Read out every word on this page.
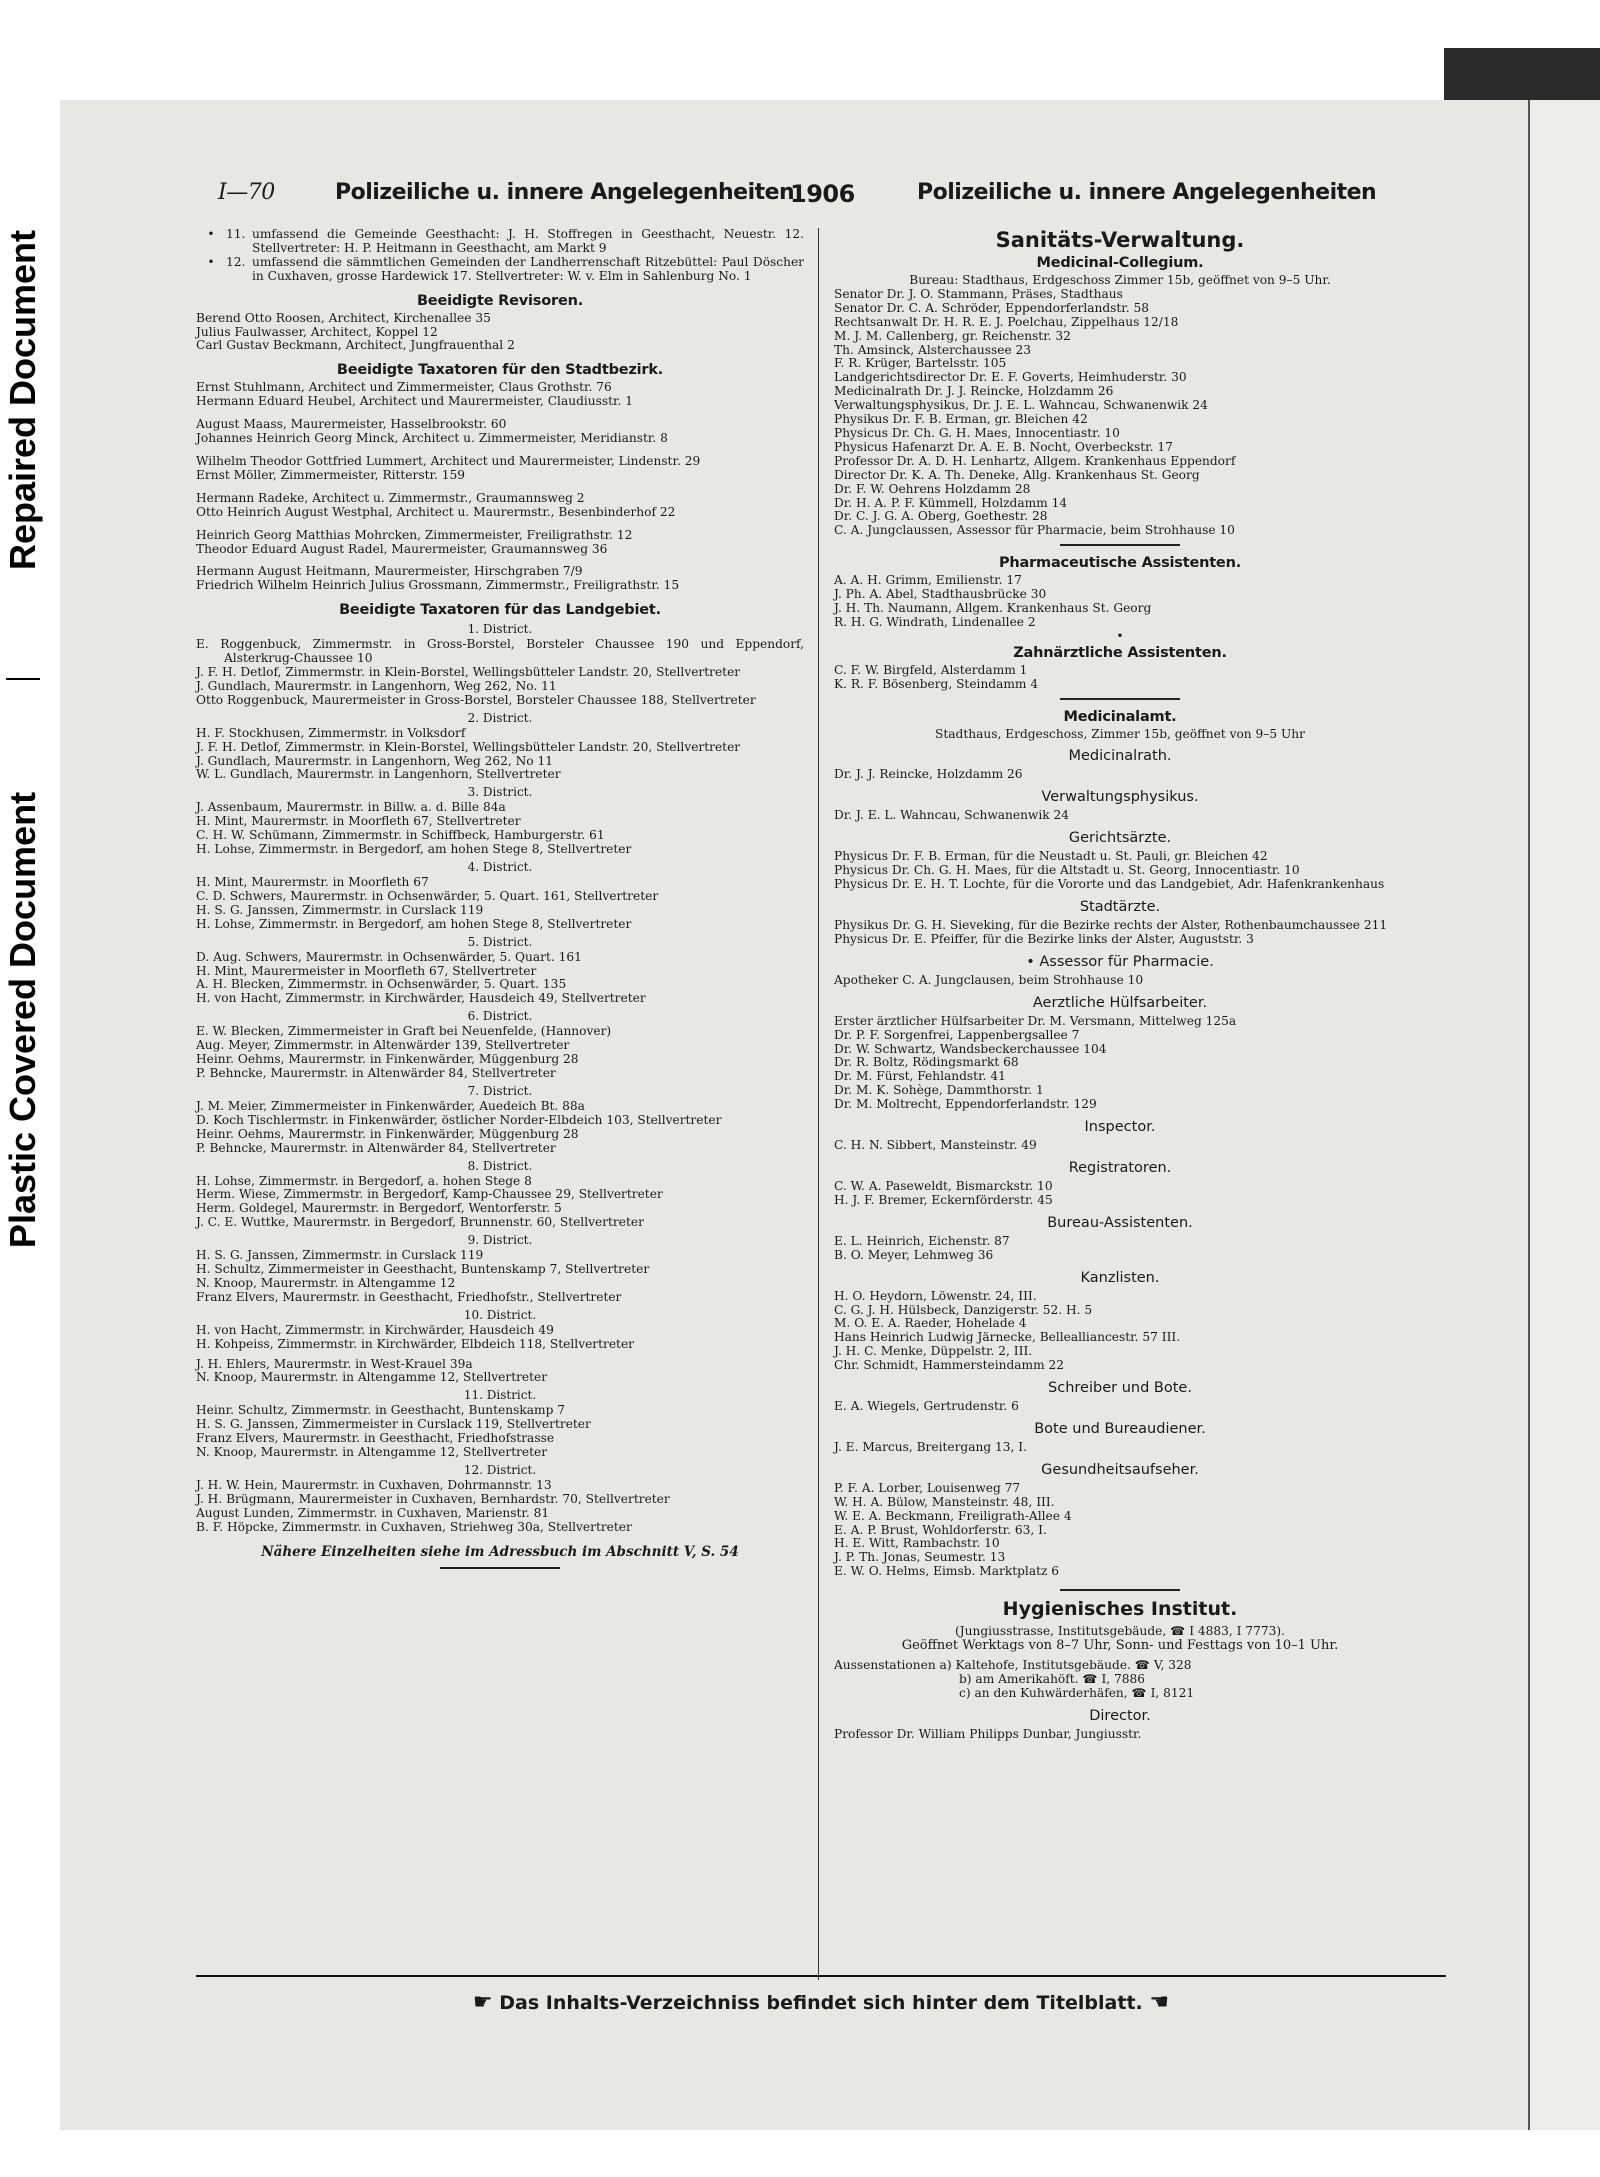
Repaired Document
Plastic Covered Document
I—70	Polizeiliche u. innere Angelegenheiten
1906	Polizeiliche u. innere Angelegenheiten
• 11. umfassend die Gemeinde Geesthacht: J. H. Stoffregen in Geesthacht, Neuestr. 12. Stellvertreter: H. P. Heitmann in Geesthacht, am Markt 9
• 12. umfassend die sämmtlichen Gemeinden der Landherrenschaft Ritzebüttel: Paul Döscher in Cuxhaven, grosse Hardewick 17. Stellvertreter: W. v. Elm in Sahlenburg No. 1
Beeidigte Revisoren.
Berend Otto Roosen, Architect, Kirchenallee 35
Julius Faulwasser, Architect, Koppel 12
Carl Gustav Beckmann, Architect, Jungfrauenthal 2
Beeidigte Taxatoren für den Stadtbezirk.
Ernst Stuhlmann, Architect und Zimmermeister, Claus Grothstr. 76
Hermann Eduard Heubel, Architect und Maurermeister, Claudiusstr. 1
August Maass, Maurermeister, Hasselbrookstr. 60
Johannes Heinrich Georg Minck, Architect u. Zimmermeister, Meridianstr. 8
Wilhelm Theodor Gottfried Lummert, Architect und Maurermeister, Lindenstr. 29
Ernst Möller, Zimmermeister, Ritterstr. 159
Hermann Radeke, Architect u. Zimmermstr., Graumannsweg 2
Otto Heinrich August Westphal, Architect u. Maurermstr., Besenbinderhof 22
Heinrich Georg Matthias Mohrcken, Zimmermeister, Freiligrathstr. 12
Theodor Eduard August Radel, Maurermeister, Graumannsweg 36
Hermann August Heitmann, Maurermeister, Hirschgraben 7/9
Friedrich Wilhelm Heinrich Julius Grossmann, Zimmermstr., Freiligrathstr. 15
Beeidigte Taxatoren für das Landgebiet.
1. District.
E. Roggenbuck, Zimmermstr. in Gross-Borstel, Borsteler Chaussee 190 und Eppendorf, Alsterkrug-Chaussee 10
J. F. H. Detlof, Zimmermstr. in Klein-Borstel, Wellingsbütteler Landstr. 20, Stellvertreter
J. Gundlach, Maurermstr. in Langenhorn, Weg 262, No. 11
Otto Roggenbuck, Maurermeister in Gross-Borstel, Borsteler Chaussee 188, Stellvertreter
2. District.
H. F. Stockhusen, Zimmermstr. in Volksdorf
J. F. H. Detlof, Zimmermstr. in Klein-Borstel, Wellingsbütteler Landstr. 20, Stellvertreter
J. Gundlach, Maurermstr. in Langenhorn, Weg 262, No 11
W. L. Gundlach, Maurermstr. in Langenhorn, Stellvertreter
3. District.
J. Assenbaum, Maurermstr. in Billw. a. d. Bille 84a
H. Mint, Maurermstr. in Moorfleth 67, Stellvertreter
C. H. W. Schümann, Zimmermstr. in Schiffbeck, Hamburgerstr. 61
H. Lohse, Zimmermstr. in Bergedorf, am hohen Stege 8, Stellvertreter
4. District.
H. Mint, Maurermstr. in Moorfleth 67
C. D. Schwers, Maurermstr. in Ochsenwärder, 5. Quart. 161, Stellvertreter
H. S. G. Janssen, Zimmermstr. in Curslack 119
H. Lohse, Zimmermstr. in Bergedorf, am hohen Stege 8, Stellvertreter
5. District.
D. Aug. Schwers, Maurermstr. in Ochsenwärder, 5. Quart. 161
H. Mint, Maurermeister in Moorfleth 67, Stellvertreter
A. H. Blecken, Zimmermstr. in Ochsenwärder, 5. Quart. 135
H. von Hacht, Zimmermstr. in Kirchwärder, Hausdeich 49, Stellvertreter
6. District.
E. W. Blecken, Zimmermeister in Graft bei Neuenfelde, (Hannover)
Aug. Meyer, Zimmermstr. in Altenwärder 139, Stellvertreter
Heinr. Oehms, Maurermstr. in Finkenwärder, Müggenburg 28
P. Behncke, Maurermstr. in Altenwärder 84, Stellvertreter
7. District.
J. M. Meier, Zimmermeister in Finkenwärder, Auedeich Bt. 88a
D. Koch Tischlermstr. in Finkenwärder, östlicher Norder-Elbdeich 103, Stellvertreter
Heinr. Oehms, Maurermstr. in Finkenwärder, Müggenburg 28
P. Behncke, Maurermstr. in Altenwärder 84, Stellvertreter
8. District.
H. Lohse, Zimmermstr. in Bergedorf, a. hohen Stege 8
Herm. Wiese, Zimmermstr. in Bergedorf, Kamp-Chaussee 29, Stellvertreter
Herm. Goldegel, Maurermstr. in Bergedorf, Wentorferstr. 5
J. C. E. Wuttke, Maurermstr. in Bergedorf, Brunnenstr. 60, Stellvertreter
9. District.
H. S. G. Janssen, Zimmermstr. in Curslack 119
H. Schultz, Zimmermeister in Geesthacht, Buntenskamp 7, Stellvertreter
N. Knoop, Maurermstr. in Altengamme 12
Franz Elvers, Maurermstr. in Geesthacht, Friedhofstr., Stellvertreter
10. District.
H. von Hacht, Zimmermstr. in Kirchwärder, Hausdeich 49
H. Kohpeiss, Zimmermstr. in Kirchwärder, Elbdeich 118, Stellvertreter
J. H. Ehlers, Maurermstr. in West-Krauel 39a
N. Knoop, Maurermstr. in Altengamme 12, Stellvertreter
11. District.
Heinr. Schultz, Zimmermstr. in Geesthacht, Buntenskamp 7
H. S. G. Janssen, Zimmermeister in Curslack 119, Stellvertreter
Franz Elvers, Maurermstr. in Geesthacht, Friedhofstrasse
N. Knoop, Maurermstr. in Altengamme 12, Stellvertreter
12. District.
J. H. W. Hein, Maurermstr. in Cuxhaven, Dohrmannstr. 13
J. H. Brügmann, Maurermeister in Cuxhaven, Bernhardstr. 70, Stellvertreter
August Lunden, Zimmermstr. in Cuxhaven, Marienstr. 81
B. F. Höpcke, Zimmermstr. in Cuxhaven, Striehweg 30a, Stellvertreter
Nähere Einzelheiten siehe im Adressbuch im Abschnitt V, S. 54
Sanitäts-Verwaltung.
Medicinal-Collegium.
Bureau: Stadthaus, Erdgeschoss Zimmer 15b, geöffnet von 9–5 Uhr.
Senator Dr. J. O. Stammann, Präses, Stadthaus
Senator Dr. C. A. Schröder, Eppendorferlandstr. 58
Rechtsanwalt Dr. H. R. E. J. Poelchau, Zippelhaus 12/18
M. J. M. Callenberg, gr. Reichenstr. 32
Th. Amsinck, Alsterchaussee 23
F. R. Krüger, Bartelsstr. 105
Landgerichtsdirector Dr. E. F. Goverts, Heimhuderstr. 30
Medicinalrath Dr. J. J. Reincke, Holzdamm 26
Verwaltungsphysikus, Dr. J. E. L. Wahncau, Schwanenwik 24
Physikus Dr. F. B. Erman, gr. Bleichen 42
Physicus Dr. Ch. G. H. Maes, Innocentiastr. 10
Physicus Hafenarzt Dr. A. E. B. Nocht, Overbeckstr. 17
Professor Dr. A. D. H. Lenhartz, Allgem. Krankenhaus Eppendorf
Director Dr. K. A. Th. Deneke, Allg. Krankenhaus St. Georg
Dr. F. W. Oehrens Holzdamm 28
Dr. H. A. P. F. Kümmell, Holzdamm 14
Dr. C. J. G. A. Oberg, Goethestr. 28
C. A. Jungclaussen, Assessor für Pharmacie, beim Strohhause 10
Pharmaceutische Assistenten.
A. A. H. Grimm, Emilienstr. 17
J. Ph. A. Abel, Stadthausbrücke 30
J. H. Th. Naumann, Allgem. Krankenhaus St. Georg
R. H. G. Windrath, Lindenallee 2
•
Zahnärztliche Assistenten.
C. F. W. Birgfeld, Alsterdamm 1
K. R. F. Bösenberg, Steindamm 4
Medicinalamt.
Stadthaus, Erdgeschoss, Zimmer 15b, geöffnet von 9–5 Uhr
Medicinalrath.
Dr. J. J. Reincke, Holzdamm 26
Verwaltungsphysikus.
Dr. J. E. L. Wahncau, Schwanenwik 24
Gerichtsärzte.
Physicus Dr. F. B. Erman, für die Neustadt u. St. Pauli, gr. Bleichen 42
Physicus Dr. Ch. G. H. Maes, für die Altstadt u. St. Georg, Innocentiastr. 10
Physicus Dr. E. H. T. Lochte, für die Vororte und das Landgebiet, Adr. Hafenkrankenhaus
Stadtärzte.
Physikus Dr. G. H. Sieveking, für die Bezirke rechts der Alster, Rothenbaumchaussee 211
Physicus Dr. E. Pfeiffer, für die Bezirke links der Alster, Auguststr. 3
• Assessor für Pharmacie.
Apotheker C. A. Jungclausen, beim Strohhause 10
Aerztliche Hülfsarbeiter.
Erster ärztlicher Hülfsarbeiter Dr. M. Versmann, Mittelweg 125a
Dr. P. F. Sorgenfrei, Lappenbergsallee 7
Dr. W. Schwartz, Wandsbeckerchaussee 104
Dr. R. Boltz, Rödingsmarkt 68
Dr. M. Fürst, Fehlandstr. 41
Dr. M. K. Sohège, Dammthorstr. 1
Dr. M. Moltrecht, Eppendorferlandstr. 129
Inspector.
C. H. N. Sibbert, Mansteinstr. 49
Registratoren.
C. W. A. Paseweldt, Bismarckstr. 10
H. J. F. Bremer, Eckernförderstr. 45
Bureau-Assistenten.
E. L. Heinrich, Eichenstr. 87
B. O. Meyer, Lehmweg 36
Kanzlisten.
H. O. Heydorn, Löwenstr. 24, III.
C. G. J. H. Hülsbeck, Danzigerstr. 52. H. 5
M. O. E. A. Raeder, Hohelade 4
Hans Heinrich Ludwig Järnecke, Bellealliancestr. 57 III.
J. H. C. Menke, Düppelstr. 2, III.
Chr. Schmidt, Hammersteindamm 22
Schreiber und Bote.
E. A. Wiegels, Gertrudenstr. 6
Bote und Bureaudiener.
J. E. Marcus, Breitergang 13, I.
Gesundheitsaufseher.
P. F. A. Lorber, Louisenweg 77
W. H. A. Bülow, Mansteinstr. 48, III.
W. E. A. Beckmann, Freiligrath-Allee 4
E. A. P. Brust, Wohldorferstr. 63, I.
H. E. Witt, Rambachstr. 10
J. P. Th. Jonas, Seumestr. 13
E. W. O. Helms, Eimsb. Marktplatz 6
Hygienisches Institut.
(Jungiusstrasse, Institutsgebäude, ☎ I 4883, I 7773).
Geöffnet Werktags von 8–7 Uhr, Sonn- und Festtags von 10–1 Uhr.
Aussenstationen a) Kaltehofe, Institutsgebäude. ☎ V, 328
b) am Amerikahöft. ☎ I, 7886
c) an den Kuhwärderhäfen, ☎ I, 8121
Director.
Professor Dr. William Philipps Dunbar, Jungiusstr.
☛ Das Inhalts-Verzeichniss befindet sich hinter dem Titelblatt. ☚
